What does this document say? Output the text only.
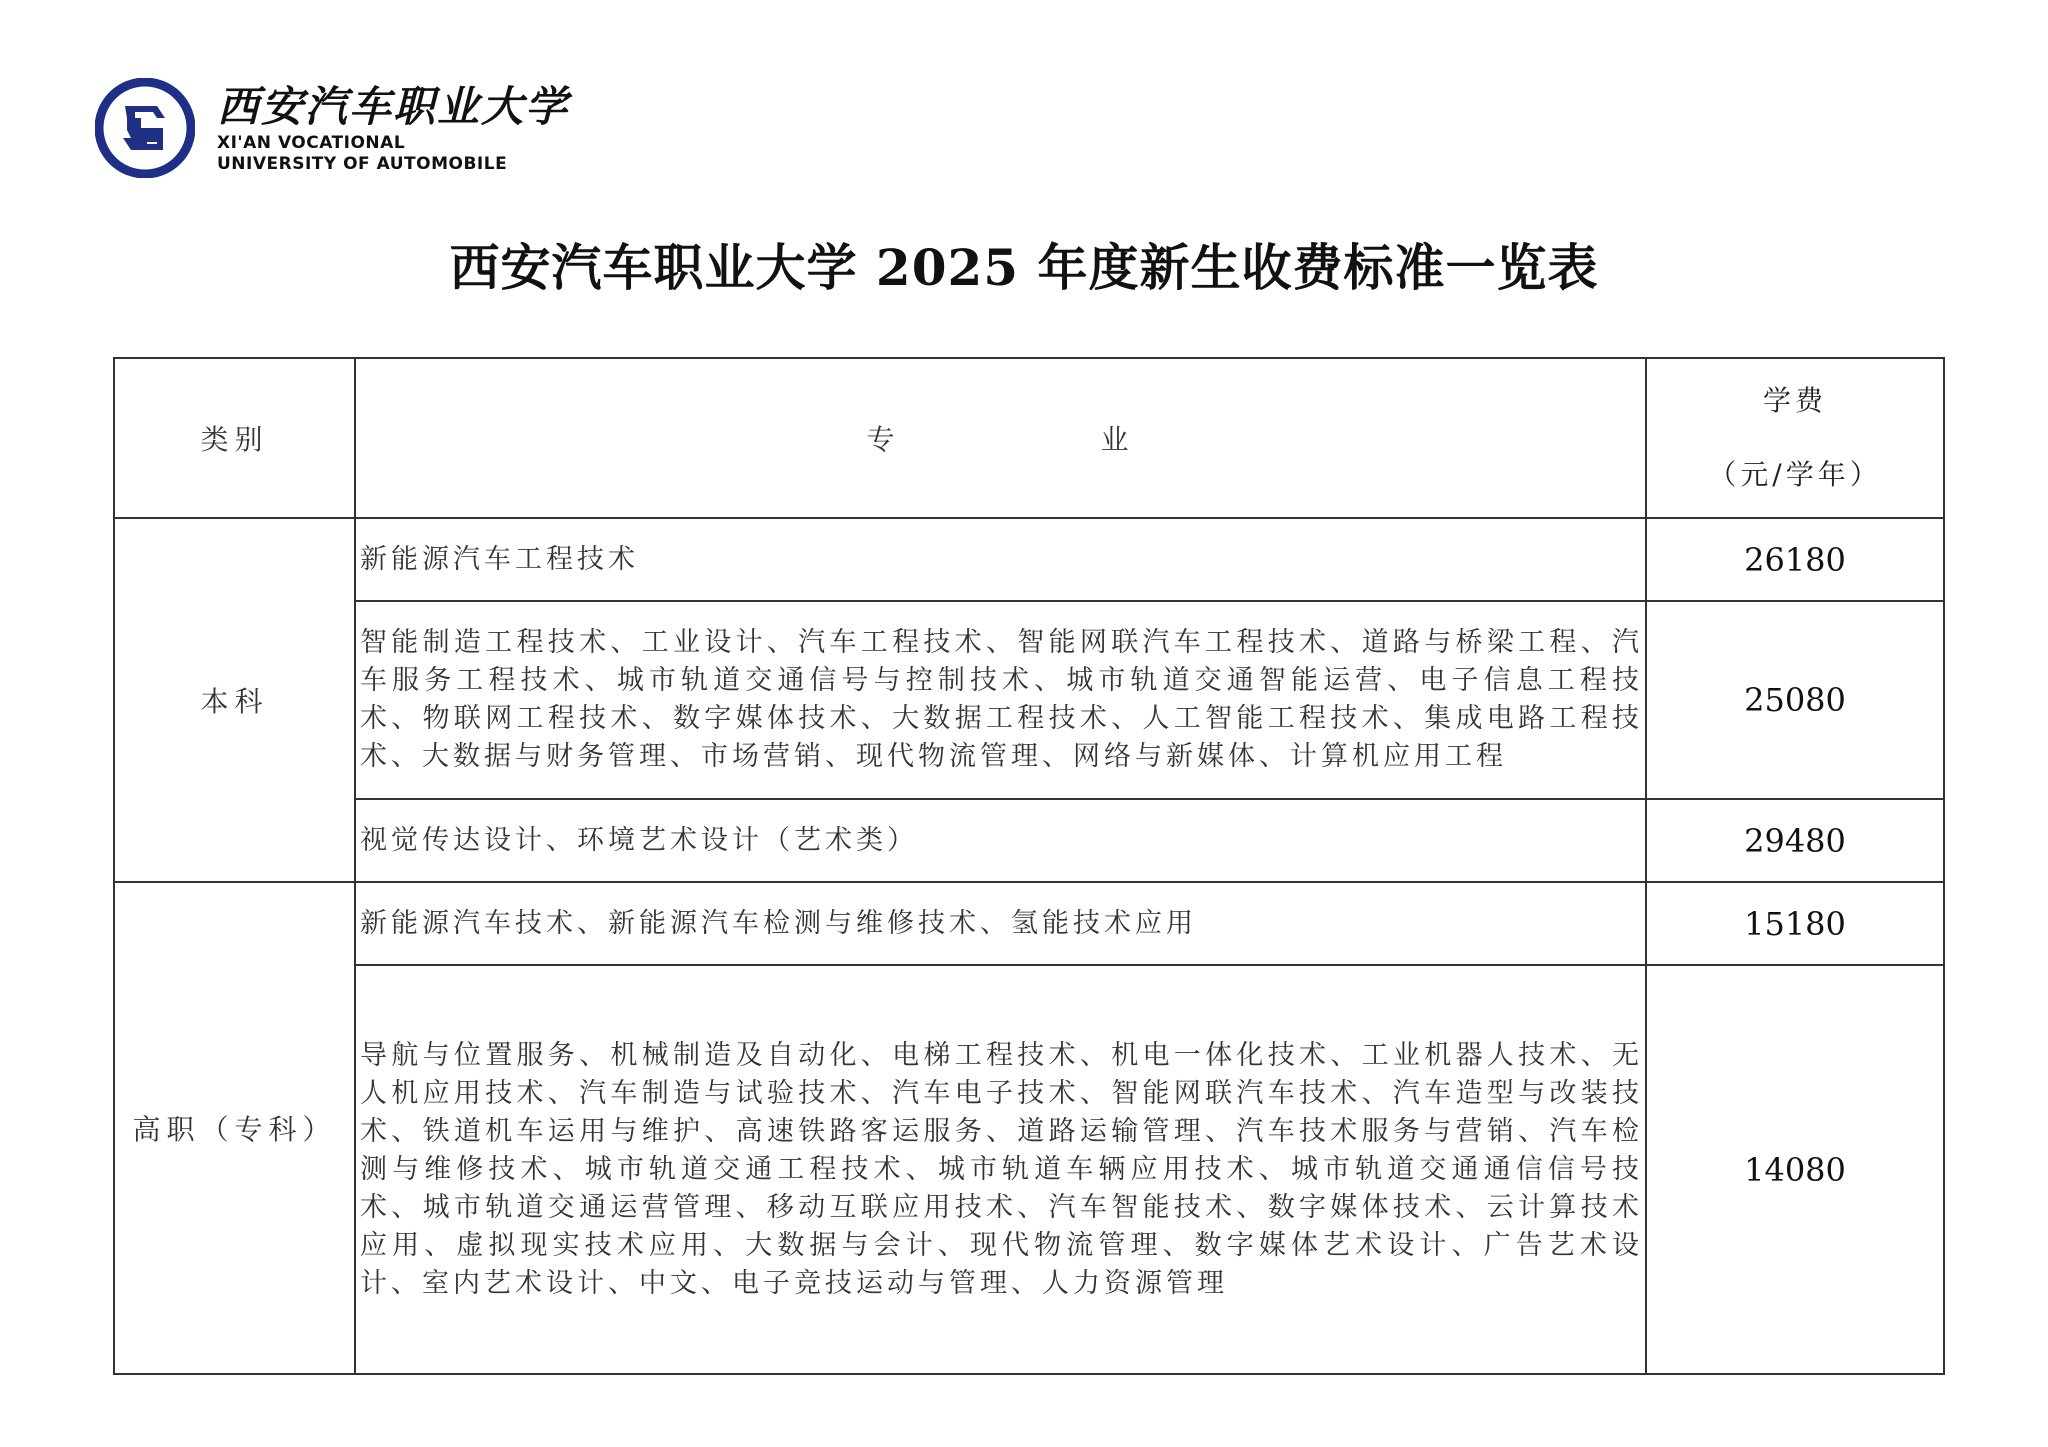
西安汽车职业大学
XI'AN VOCATIONAL
UNIVERSITY OF AUTOMOBILE
西安汽车职业大学 2025 年度新生收费标准一览表
类别	专 业	学费
（元/学年）

本科	新能源汽车工程技术	26180
	智能制造工程技术、工业设计、汽车工程技术、智能网联汽车工程技术、道路与桥梁工程、汽车服务工程技术、城市轨道交通信号与控制技术、城市轨道交通智能运营、电子信息工程技术、物联网工程技术、数字媒体技术、大数据工程技术、人工智能工程技术、集成电路工程技术、大数据与财务管理、市场营销、现代物流管理、网络与新媒体、计算机应用工程	25080
	视觉传达设计、环境艺术设计（艺术类）	29480
高职（专科）	新能源汽车技术、新能源汽车检测与维修技术、氢能技术应用	15180
	导航与位置服务、机械制造及自动化、电梯工程技术、机电一体化技术、工业机器人技术、无人机应用技术、汽车制造与试验技术、汽车电子技术、智能网联汽车技术、汽车造型与改装技术、铁道机车运用与维护、高速铁路客运服务、道路运输管理、汽车技术服务与营销、汽车检测与维修技术、城市轨道交通工程技术、城市轨道车辆应用技术、城市轨道交通通信信号技术、城市轨道交通运营管理、移动互联应用技术、汽车智能技术、数字媒体技术、云计算技术应用、虚拟现实技术应用、大数据与会计、现代物流管理、数字媒体艺术设计、广告艺术设计、室内艺术设计、中文、电子竞技运动与管理、人力资源管理	14080
